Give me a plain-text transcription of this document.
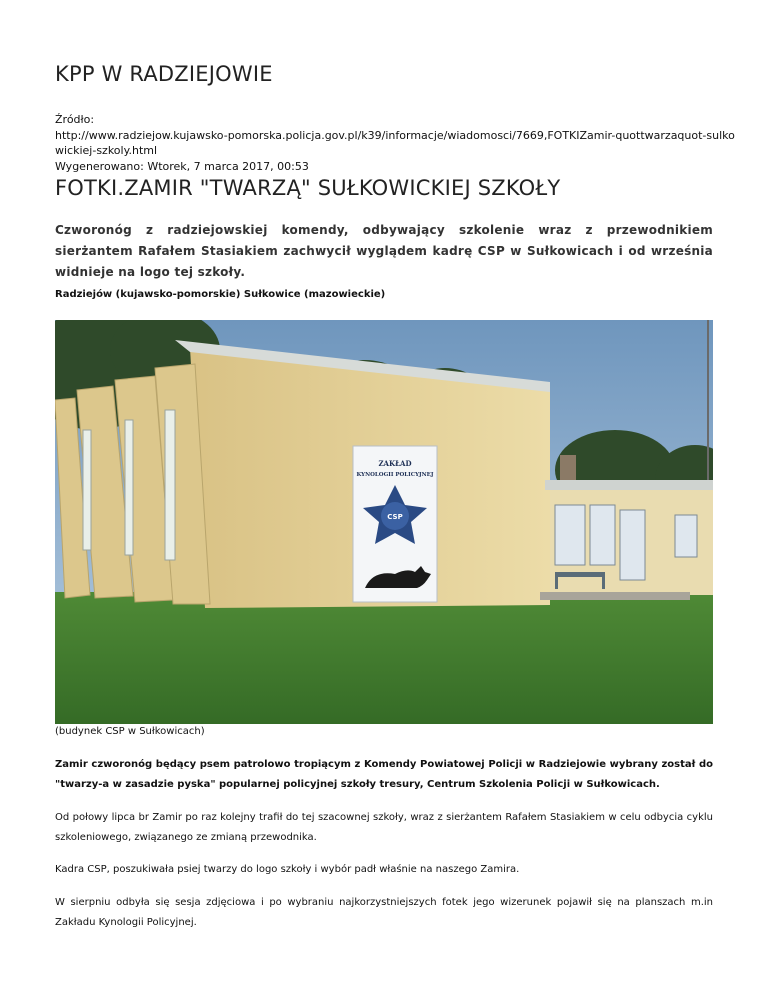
KPP W RADZIEJOWIE
Źródło:
http://www.radziejow.kujawsko-pomorska.policja.gov.pl/k39/informacje/wiadomosci/7669,FOTKIZamir-quottwarzaquot-sulko
wickiej-szkoly.html
Wygenerowano: Wtorek, 7 marca 2017, 00:53
FOTKI.ZAMIR "TWARZĄ" SUŁKOWICKIEJ SZKOŁY

Czworonóg z radziejowskiej komendy, odbywający szkolenie wraz z przewodnikiem sierżantem Rafałem Stasiakiem zachwycił wyglądem kadrę CSP w Sułkowicach i od września widnieje na logo tej szkoły.

Radziejów (kujawsko-pomorskie) Sułkowice (mazowieckie)

ZAKŁAD
KYNOLOGII POLICYJNEJ
CSP

(budynek CSP w Sułkowicach)

Zamir czworonóg będący psem patrolowo tropiącym z Komendy Powiatowej Policji w Radziejowie wybrany został do "twarzy-a w zasadzie pyska" popularnej policyjnej szkoły tresury, Centrum Szkolenia Policji w Sułkowicach.

Od połowy lipca br Zamir po raz kolejny trafił do tej szacownej szkoły, wraz z sierżantem Rafałem Stasiakiem w celu odbycia cyklu szkoleniowego, związanego ze zmianą przewodnika.

Kadra CSP, poszukiwała psiej twarzy do logo szkoły i wybór padł właśnie na naszego Zamira.

W sierpniu odbyła się sesja zdjęciowa i po wybraniu najkorzystniejszych fotek jego wizerunek pojawił się na planszach m.in Zakładu Kynologii Policyjnej.
